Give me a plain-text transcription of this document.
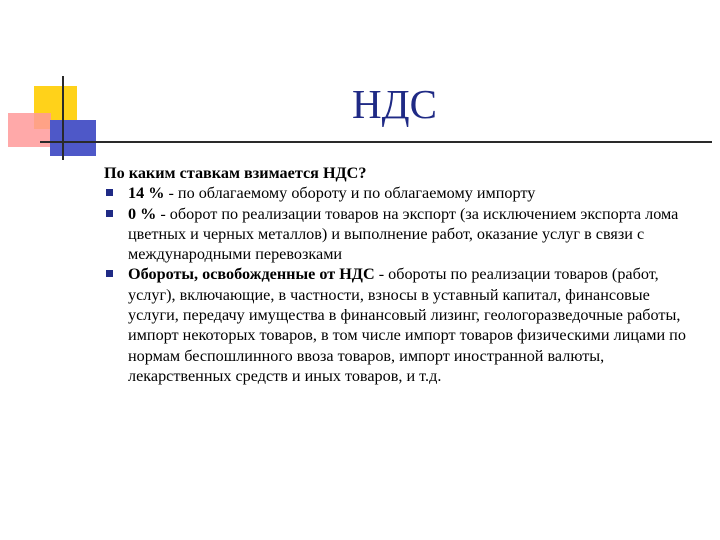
НДС

По каким ставкам взимается НДС?

14 % - по облагаемому обороту и по облагаемому импорту
0 % - оборот по реализации товаров на экспорт (за исключением экспорта лома цветных и черных металлов) и выполнение работ, оказание услуг в связи с международными перевозками
Обороты, освобожденные от НДС - обороты по реализации товаров (работ, услуг), включающие, в частности, взносы в уставный капитал, финансовые услуги, передачу имущества в финансовый лизинг, геологоразведочные работы, импорт некоторых товаров, в том числе импорт товаров физическими лицами по нормам беспошлинного ввоза товаров, импорт иностранной валюты, лекарственных средств и иных товаров, и т.д.
